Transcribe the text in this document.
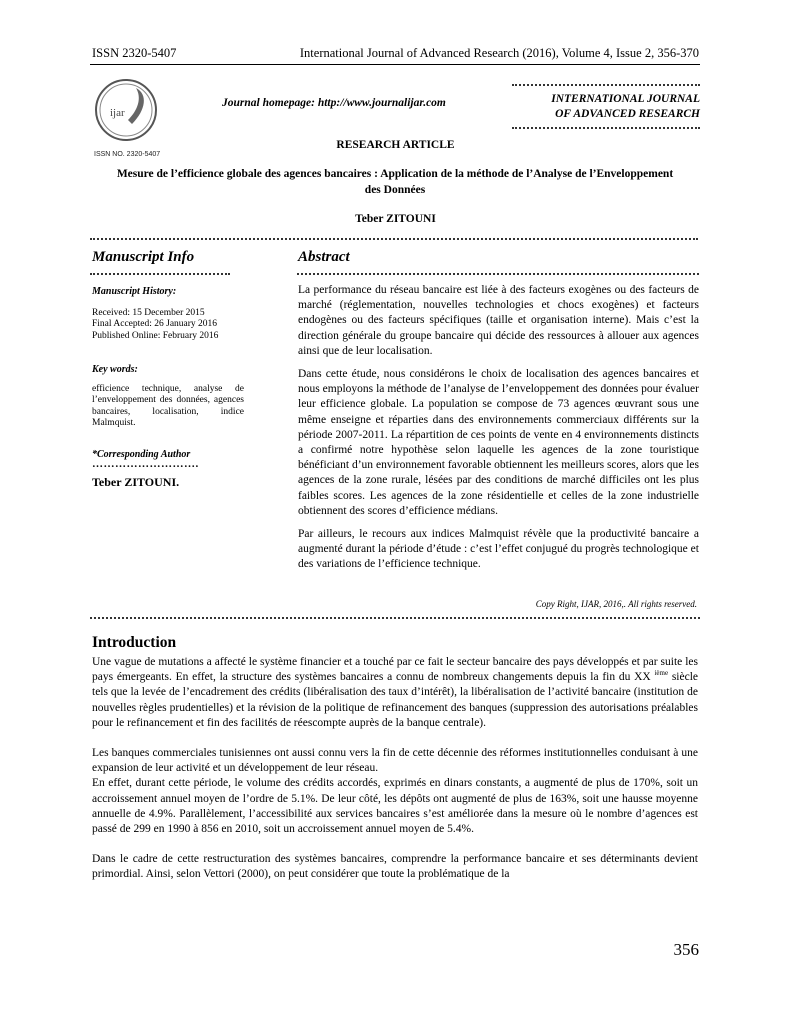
ISSN 2320-5407	International Journal of Advanced Research (2016), Volume 4, Issue 2, 356-370
ijar
ISSN NO. 2320-5407
Journal homepage: http://www.journalijar.com	INTERNATIONAL JOURNAL
OF ADVANCED RESEARCH
RESEARCH ARTICLE
Mesure de l’efficience globale des agences bancaires : Application de la méthode de l’Analyse de l’Enveloppement des Données
Teber ZITOUNI
Manuscript Info	Abstract
Manuscript History:
Received: 15 December 2015
Final Accepted: 26 January 2016
Published Online: February 2016
Key words:
efficience technique, analyse de l’enveloppement des données, agences bancaires, localisation, indice Malmquist.
*Corresponding Author
……………………….
Teber ZITOUNI.

La performance du réseau bancaire est liée à des facteurs exogènes ou des facteurs de marché (réglementation, nouvelles technologies et chocs exogènes) et facteurs endogènes ou des facteurs spécifiques (taille et organisation interne). Mais c’est la direction générale du groupe bancaire qui décide des ressources à allouer aux agences ainsi que de leur localisation.

Dans cette étude, nous considérons le choix de localisation des agences bancaires et nous employons la méthode de l’analyse de l’enveloppement des données pour évaluer leur efficience globale. La population se compose de 73 agences œuvrant sous une même enseigne et réparties dans des environnements commerciaux différents sur la période 2007-2011. La répartition de ces points de vente en 4 environnements distincts a confirmé notre hypothèse selon laquelle les agences de la zone touristique bénéficiant d’un environnement favorable obtiennent les meilleurs scores, alors que les agences de la zone rurale, lésées par des conditions de marché difficiles ont les plus faibles scores. Les agences de la zone résidentielle et celles de la zone industrielle obtiennent des scores d’efficience médians.

Par ailleurs, le recours aux indices Malmquist révèle que la productivité bancaire a augmenté durant la période d’étude : c’est l’effet conjugué du progrès technologique et des variations de l’efficience technique.

Copy Right, IJAR, 2016,. All rights reserved.
Introduction

Une vague de mutations a affecté le système financier et a touché par ce fait le secteur bancaire des pays développés et par suite les pays émergeants. En effet, la structure des systèmes bancaires a connu de nombreux changements depuis la fin du XX $^{ième}$ siècle tels que la levée de l’encadrement des crédits (libéralisation des taux d’intérêt), la libéralisation de l’activité bancaire (institution de nouvelles règles prudentielles) et la révision de la politique de refinancement des banques (suppression des autorisations préalables pour le refinancement et fin des facilités de réescompte auprès de la banque centrale).

Les banques commerciales tunisiennes ont aussi connu vers la fin de cette décennie des réformes institutionnelles conduisant à une expansion de leur activité et un développement de leur réseau.

En effet, durant cette période, le volume des crédits accordés, exprimés en dinars constants, a augmenté de plus de 170%, soit un accroissement annuel moyen de l’ordre de 5.1%. De leur côté, les dépôts ont augmenté de plus de 163%, soit une hausse moyenne annuelle de 4.9%. Parallèlement, l’accessibilité aux services bancaires s’est améliorée dans la mesure où le nombre d’agences est passé de 299 en 1990 à 856 en 2010, soit un accroissement annuel moyen de 5.4%.

Dans le cadre de cette restructuration des systèmes bancaires, comprendre la performance bancaire et ses déterminants devient primordial. Ainsi, selon Vettori (2000), on peut considérer que toute la problématique de la

356
